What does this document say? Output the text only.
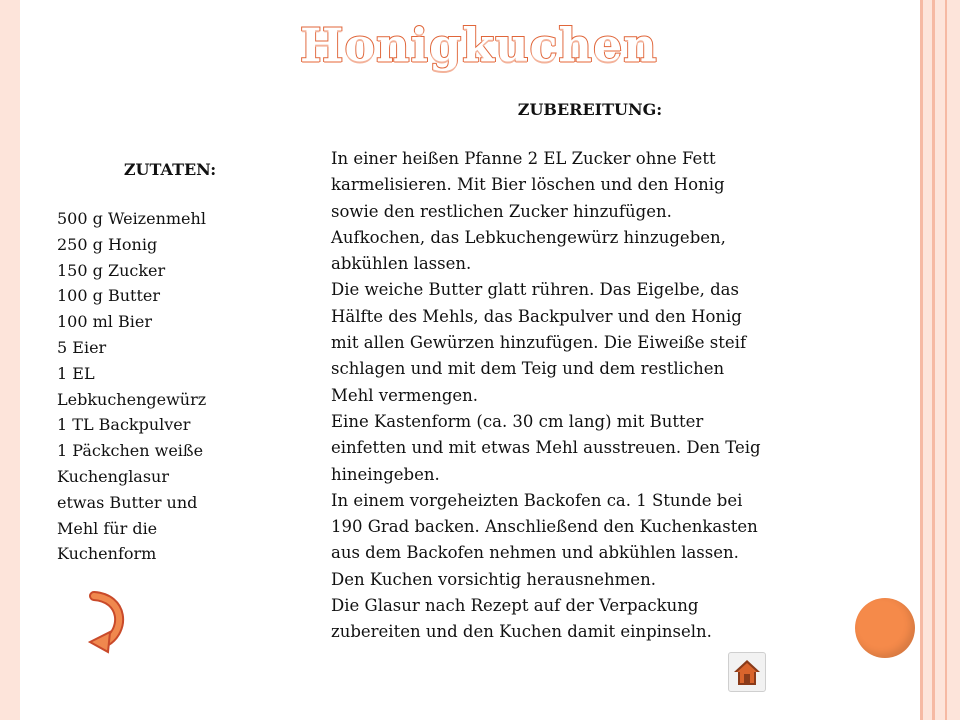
Honigkuchen
ZUTATEN:
500 g Weizenmehl
250 g Honig
150 g Zucker
100 g Butter
100 ml Bier
5 Eier
1 EL
Lebkuchengewürz
1 TL Backpulver
1 Päckchen weiße
Kuchenglasur
etwas Butter und
Mehl für die
Kuchenform
ZUBEREITUNG:
In einer heißen Pfanne 2 EL Zucker ohne Fett
karmelisieren. Mit Bier löschen und den Honig
sowie den restlichen Zucker hinzufügen.
Aufkochen, das Lebkuchengewürz hinzugeben,
abkühlen lassen.
Die weiche Butter glatt rühren. Das Eigelbe, das
Hälfte des Mehls, das Backpulver und den Honig
mit allen Gewürzen hinzufügen. Die Eiweiße steif
schlagen und mit dem Teig und dem restlichen
Mehl vermengen.
Eine Kastenform (ca. 30 cm lang) mit Butter
einfetten und mit etwas Mehl ausstreuen. Den Teig
hineingeben.
In einem vorgeheizten Backofen ca. 1 Stunde bei
190 Grad backen. Anschließend den Kuchenkasten
aus dem Backofen nehmen und abkühlen lassen.
Den Kuchen vorsichtig herausnehmen.
Die Glasur nach Rezept auf der Verpackung
zubereiten und den Kuchen damit einpinseln.
